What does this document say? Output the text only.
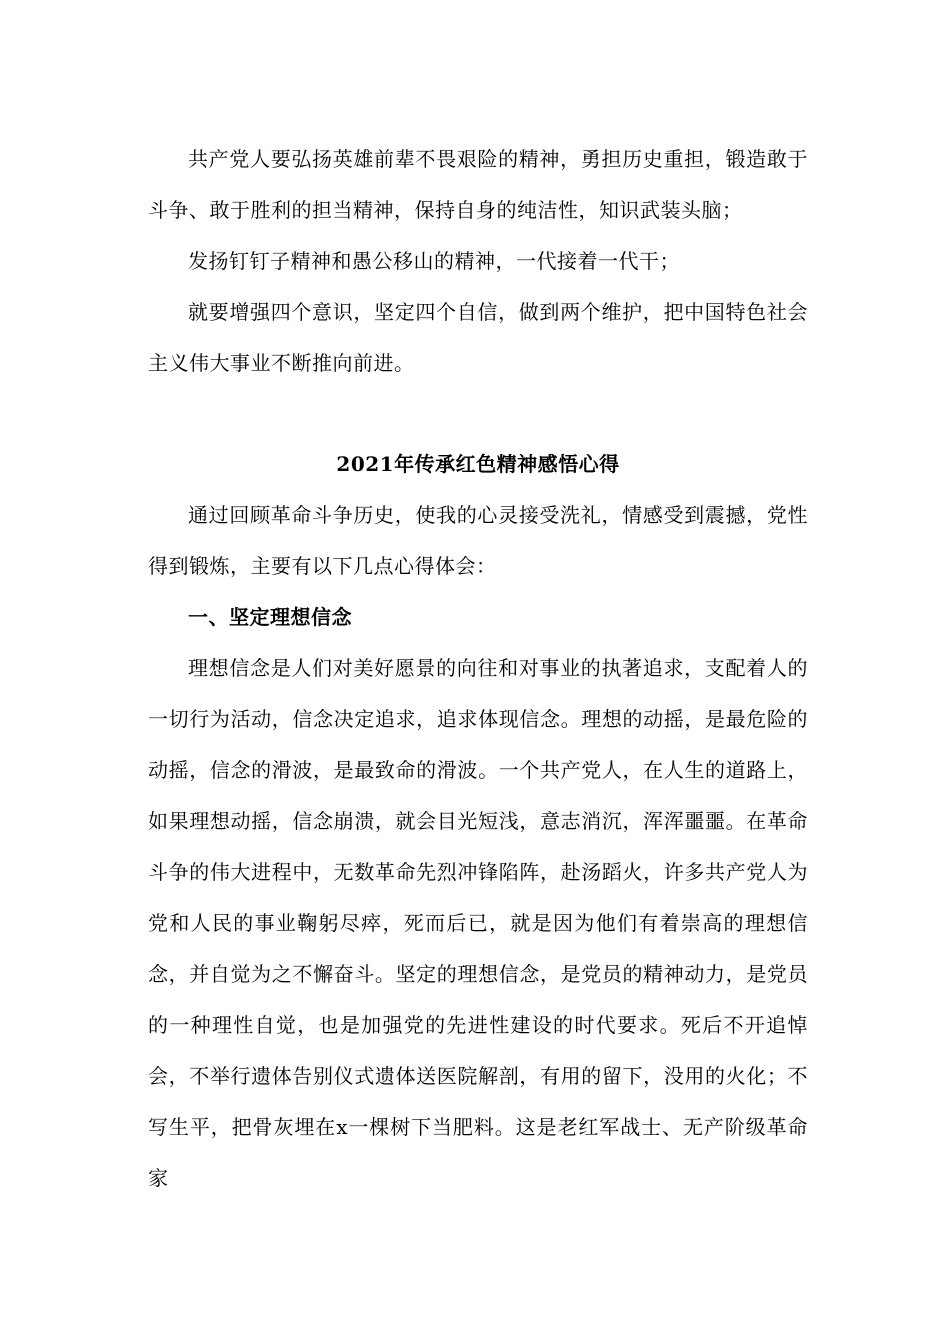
共产党人要弘扬英雄前辈不畏艰险的精神，勇担历史重担，锻造敢于斗争、敢于胜利的担当精神，保持自身的纯洁性，知识武装头脑；

发扬钉钉子精神和愚公移山的精神，一代接着一代干；

就要增强四个意识，坚定四个自信，做到两个维护，把中国特色社会主义伟大事业不断推向前进。

2021年传承红色精神感悟心得

通过回顾革命斗争历史，使我的心灵接受洗礼，情感受到震撼，党性得到锻炼，主要有以下几点心得体会：

一、坚定理想信念

理想信念是人们对美好愿景的向往和对事业的执著追求，支配着人的一切行为活动，信念决定追求，追求体现信念。理想的动摇，是最危险的动摇，信念的滑波，是最致命的滑波。一个共产党人，在人生的道路上，如果理想动摇，信念崩溃，就会目光短浅，意志消沉，浑浑噩噩。在革命斗争的伟大进程中，无数革命先烈冲锋陷阵，赴汤蹈火，许多共产党人为党和人民的事业鞠躬尽瘁，死而后已，就是因为他们有着崇高的理想信念，并自觉为之不懈奋斗。坚定的理想信念，是党员的精神动力，是党员的一种理性自觉，也是加强党的先进性建设的时代要求。死后不开追悼会，不举行遗体告别仪式遗体送医院解剖，有用的留下，没用的火化；不写生平，把骨灰埋在x一棵树下当肥料。这是老红军战士、无产阶级革命家
